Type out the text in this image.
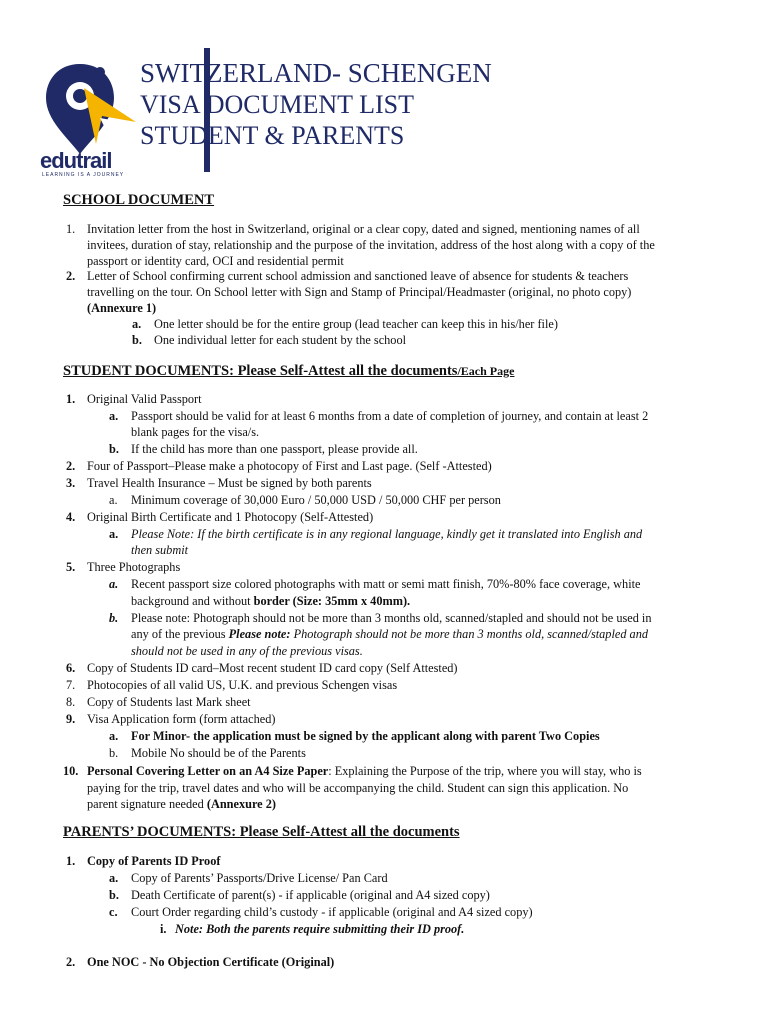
edutrail
LEARNING IS A JOURNEY
SWITZERLAND- SCHENGEN
VISA DOCUMENT LIST
STUDENT & PARENTS
SCHOOL DOCUMENT
1. Invitation letter from the host in Switzerland, original or a clear copy, dated and signed, mentioning names of all
invitees, duration of stay, relationship and the purpose of the invitation, address of the host along with a copy of the
passport or identity card, OCI and residential permit
2. Letter of School confirming current school admission and sanctioned leave of absence for students & teachers
travelling on the tour. On School letter with Sign and Stamp of Principal/Headmaster (original, no photo copy)
(Annexure 1)
a. One letter should be for the entire group (lead teacher can keep this in his/her file)
b. One individual letter for each student by the school
STUDENT DOCUMENTS: Please Self-Attest all the documents/Each Page
1. Original Valid Passport
a. Passport should be valid for at least 6 months from a date of completion of journey, and contain at least 2
blank pages for the visa/s.
b. If the child has more than one passport, please provide all.
2. Four of Passport–Please make a photocopy of First and Last page. (Self -Attested)
3. Travel Health Insurance – Must be signed by both parents
a. Minimum coverage of 30,000 Euro / 50,000 USD / 50,000 CHF per person
4. Original Birth Certificate and 1 Photocopy (Self-Attested)
a. Please Note: If the birth certificate is in any regional language, kindly get it translated into English and
then submit
5. Three Photographs
a. Recent passport size colored photographs with matt or semi matt finish, 70%-80% face coverage, white
background and without border (Size: 35mm x 40mm).
b. Please note: Photograph should not be more than 3 months old, scanned/stapled and should not be used in
any of the previous Please note: Photograph should not be more than 3 months old, scanned/stapled and
should not be used in any of the previous visas.
6. Copy of Students ID card–Most recent student ID card copy (Self Attested)
7. Photocopies of all valid US, U.K. and previous Schengen visas
8. Copy of Students last Mark sheet
9. Visa Application form (form attached)
a. For Minor- the application must be signed by the applicant along with parent Two Copies
b. Mobile No should be of the Parents
10. Personal Covering Letter on an A4 Size Paper: Explaining the Purpose of the trip, where you will stay, who is
paying for the trip, travel dates and who will be accompanying the child. Student can sign this application. No
parent signature needed (Annexure 2)
PARENTS’ DOCUMENTS: Please Self-Attest all the documents
1. Copy of Parents ID Proof
a. Copy of Parents’ Passports/Drive License/ Pan Card
b. Death Certificate of parent(s) - if applicable (original and A4 sized copy)
c. Court Order regarding child’s custody - if applicable (original and A4 sized copy)
i. Note: Both the parents require submitting their ID proof.
2. One NOC - No Objection Certificate (Original)
